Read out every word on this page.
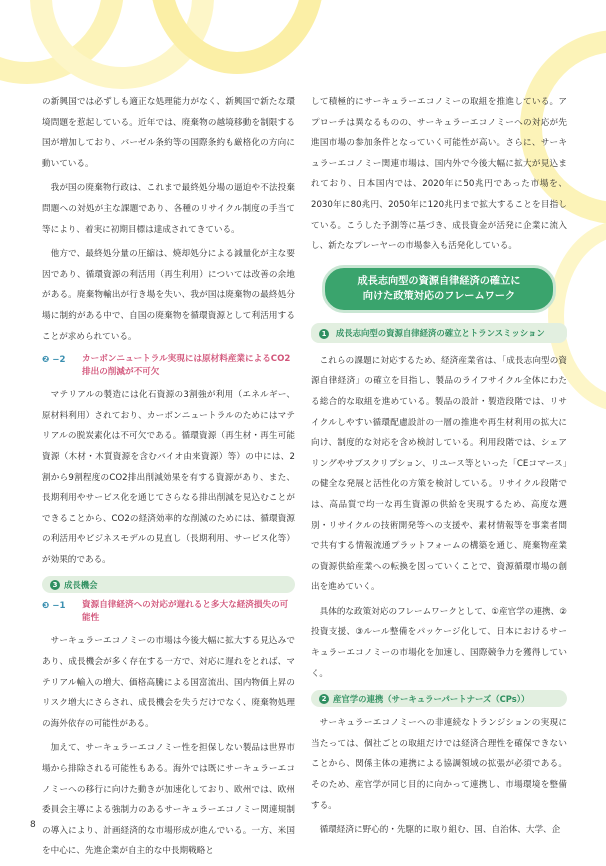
の新興国では必ずしも適正な処理能力がなく、新興国で新たな環境問題を惹起している。近年では、廃棄物の越境移動を制限する国が増加しており、バーゼル条約等の国際条約も厳格化の方向に動いている。

我が国の廃棄物行政は、これまで最終処分場の逼迫や不法投棄問題への対処が主な課題であり、各種のリサイクル制度の手当て等により、着実に初期目標は達成されてきている。

他方で、最終処分量の圧縮は、焼却処分による減量化が主な要因であり、循環資源の利活用（再生利用）については改善の余地がある。廃棄物輸出が行き場を失い、我が国は廃棄物の最終処分場に制約がある中で、自国の廃棄物を循環資源として利活用することが求められている。

❷ −2	カーボンニュートラル実現には原材料産業によるCO2排出の削減が不可欠

マテリアルの製造には化石資源の3割強が利用（エネルギー、原材料利用）されており、カーボンニュートラルのためにはマテリアルの脱炭素化は不可欠である。循環資源（再生材・再生可能資源（木材・木質資源を含むバイオ由来資源）等）の中には、2割から9割程度のCO2排出削減効果を有する資源があり、また、長期利用やサービス化を通じてさらなる排出削減を見込むことができることから、CO2の経済効率的な削減のためには、循環資源の利活用やビジネスモデルの見直し（長期利用、サービス化等）が効果的である。

3 成長機会
❸ −1	資源自律経済への対応が遅れると多大な経済損失の可能性

サーキュラーエコノミーの市場は今後大幅に拡大する見込みであり、成長機会が多く存在する一方で、対応に遅れをとれば、マテリアル輸入の増大、価格高騰による国富流出、国内物価上昇のリスク増大にさらされ、成長機会を失うだけでなく、廃棄物処理の海外依存の可能性がある。

加えて、サーキュラーエコノミー性を担保しない製品は世界市場から排除される可能性もある。海外では既にサーキュラーエコノミーへの移行に向けた動きが加速化しており、欧州では、欧州委員会主導による強制力のあるサーキュラーエコノミー関連規制の導入により、計画経済的な市場形成が進んでいる。一方、米国を中心に、先進企業が自主的な中長期戦略と

して積極的にサーキュラーエコノミーの取組を推進している。アプローチは異なるものの、サーキュラーエコノミーへの対応が先進国市場の参加条件となっていく可能性が高い。さらに、サーキュラーエコノミー関連市場は、国内外で今後大幅に拡大が見込まれており、日本国内では、2020年に50兆円であった市場を、2030年に80兆円、2050年に120兆円まで拡大することを目指している。こうした予測等に基づき、成長資金が活発に企業に流入し、新たなプレーヤーの市場参入も活発化している。

成長志向型の資源自律経済の確立に
向けた政策対応のフレームワーク
1 成長志向型の資源自律経済の確立とトランスミッション

これらの課題に対応するため、経済産業省は、「成長志向型の資源自律経済」の確立を目指し、製品のライフサイクル全体にわたる総合的な取組を進めている。製品の設計・製造段階では、リサイクルしやすい循環配慮設計の一層の推進や再生材利用の拡大に向け、制度的な対応を含め検討している。利用段階では、シェアリングやサブスクリプション、リユース等といった「CEコマース」の健全な発展と活性化の方策を検討している。リサイクル段階では、高品質で均一な再生資源の供給を実現するため、高度な選別・リサイクルの技術開発等への支援や、素材情報等を事業者間で共有する情報流通プラットフォームの構築を通じ、廃棄物産業の資源供給産業への転換を図っていくことで、資源循環市場の創出を進めていく。

具体的な政策対応のフレームワークとして、①産官学の連携、②投資支援、③ルール整備をパッケージ化して、日本におけるサーキュラーエコノミーの市場化を加速し、国際競争力を獲得していく。

2 産官学の連携（サーキュラーパートナーズ（CPs））

サーキュラーエコノミーへの非連続なトランジションの実現に当たっては、個社ごとの取組だけでは経済合理性を確保できないことから、関係主体の連携による協調領域の拡張が必須である。そのため、産官学が同じ目的に向かって連携し、市場環境を整備する。

循環経済に野心的・先駆的に取り組む、国、自治体、大学、企

8
